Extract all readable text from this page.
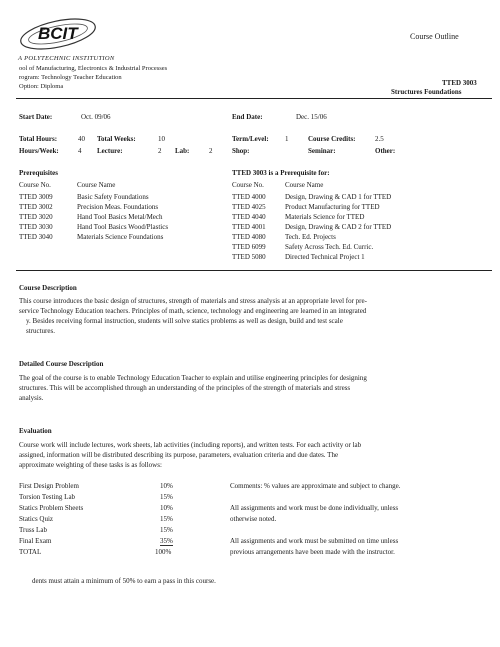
BCIT
A POLYTECHNIC INSTITUTION
Course Outline
ool of Manufacturing, Electronics & Industrial Processes
rogram: Technology Teacher Education
Option: Diploma	TTED 3003
Structures Foundations
Start Date:	Oct. 09/06	End Date:	Dec. 15/06
Total Hours:	40 Total Weeks:	10	Term/Level: 1	Course Credits:	2.5
Hours/Week:	4 Lecture:	2 Lab:	2	Shop:	Seminar:	Other:
Prerequisites
Course No.	Course Name
TTED 3009	Basic Safety Foundations
TTED 3002	Precision Meas. Foundations
TTED 3020	Hand Tool Basics Metal/Mech
TTED 3030	Hand Tool Basics Wood/Plastics
TTED 3040	Materials Science Foundations
TTED 3003 is a Prerequisite for:
Course No.	Course Name
TTED 4000	Design, Drawing & CAD 1 for TTED
TTED 4025	Product Manufacturing for TTED
TTED 4040	Materials Science for TTED
TTED 4001	Design, Drawing & CAD 2 for TTED
TTED 4080	Tech. Ed. Projects
TTED 6099	Safety Across Tech. Ed. Curric.
TTED 5080	Directed Technical Project 1
Course Description
This course introduces the basic design of structures, strength of materials and stress analysis at an appropriate level for pre-
service Technology Education teachers. Principles of math, science, technology and engineering are learned in an integrated
y. Besides receiving formal instruction, students will solve statics problems as well as design, build and test scale
structures.
Detailed Course Description
The goal of the course is to enable Technology Education Teacher to explain and utilise engineering principles for designing
structures. This will be accomplished through an understanding of the principles of the strength of materials and stress
analysis.
Evaluation
Course work will include lectures, work sheets, lab activities (including reports), and written tests. For each activity or lab
assigned, information will be distributed describing its purpose, parameters, evaluation criteria and due dates. The
approximate weighting of these tasks is as follows:
First Design Problem	10%
Torsion Testing Lab	15%
Statics Problem Sheets	10%
Statics Quiz	15%
Truss Lab	15%
Final Exam	35%
TOTAL	100%
Comments: % values are approximate and subject to change.
All assignments and work must be done individually, unless
otherwise noted.
All assignments and work must be submitted on time unless
previous arrangements have been made with the instructor.
dents must attain a minimum of 50% to earn a pass in this course.
